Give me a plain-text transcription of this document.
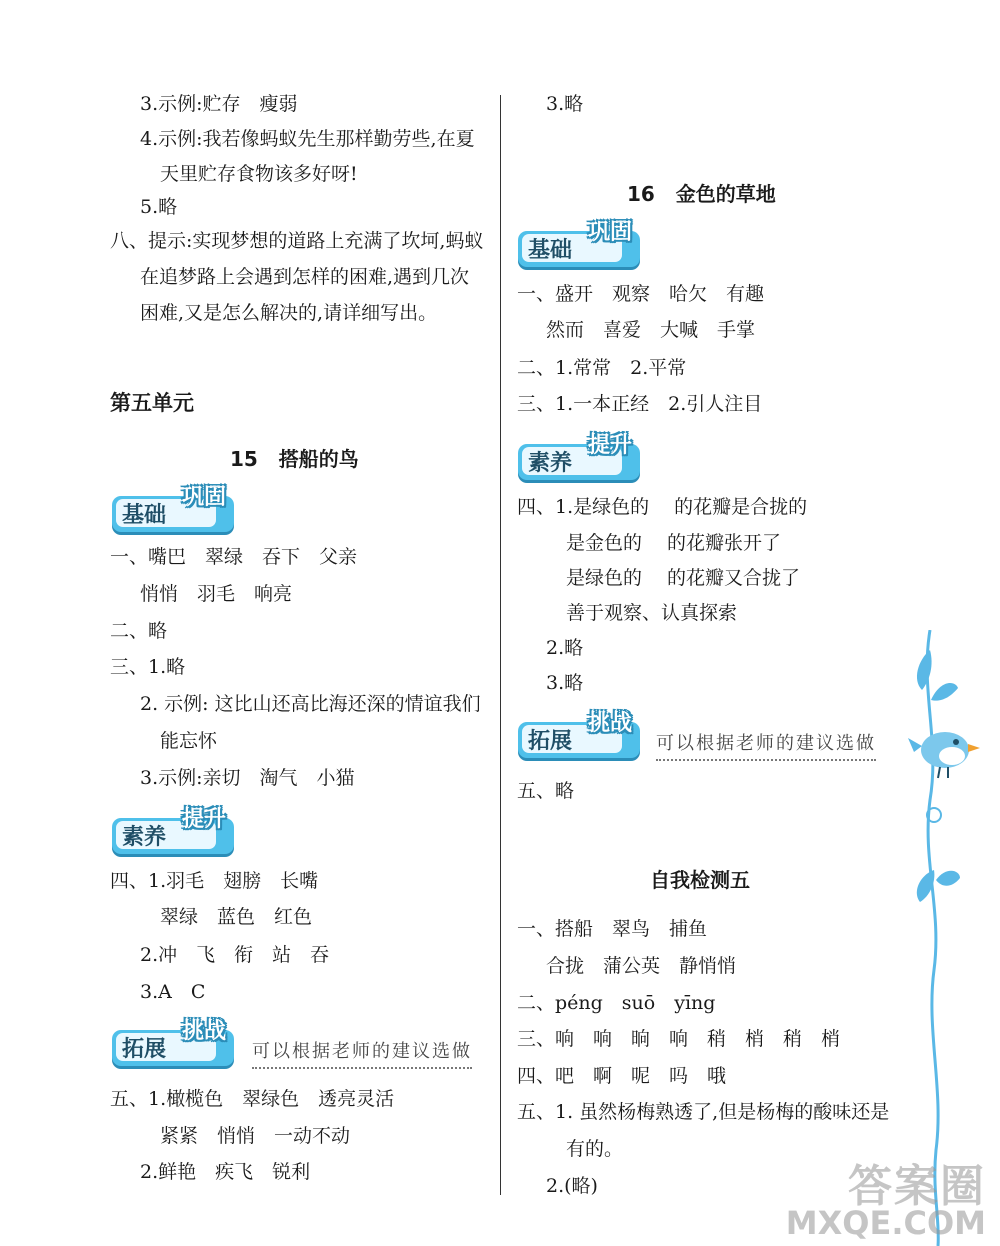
3.示例:贮存　瘦弱
4.示例:我若像蚂蚁先生那样勤劳些,在夏
天里贮存食物该多好呀!
5.略
八、提示:实现梦想的道路上充满了坎坷,蚂蚁
在追梦路上会遇到怎样的困难,遇到几次
困难,又是怎么解决的,请详细写出。
第五单元
15 搭船的鸟
基础
巩固
一、嘴巴　翠绿　吞下　父亲
悄悄　羽毛　响亮
二、略
三、1.略
2. 示例: 这比山还高比海还深的情谊我们
能忘怀
3.示例:亲切　淘气　小猫
素养
提升
四、1.羽毛　翅膀　长嘴
翠绿　蓝色　红色
2.冲　飞　衔　站　吞
3.A　C
拓展
挑战
可以根据老师的建议选做
五、1.橄榄色　翠绿色　透亮灵活
紧紧　悄悄　一动不动
2.鲜艳　疾飞　锐利
3.略
16 金色的草地
基础
巩固
一、盛开　观察　哈欠　有趣
然而　喜爱　大喊　手掌
二、1.常常　2.平常
三、1.一本正经　2.引人注目
素养
提升
四、1.是绿色的　 的花瓣是合拢的
是金色的　 的花瓣张开了
是绿色的　 的花瓣又合拢了
善于观察、认真探索
2.略
3.略
拓展
挑战
可以根据老师的建议选做
五、略
自我检测五
一、搭船　翠鸟　捕鱼
合拢　蒲公英　静悄悄
二、péng　suō　yīng
三、响　响　晌　响　稍　梢　稍　梢
四、吧　啊　呢　吗　哦
五、1. 虽然杨梅熟透了,但是杨梅的酸味还是
有的。
2.(略)	答案圈
MXQE.COM
